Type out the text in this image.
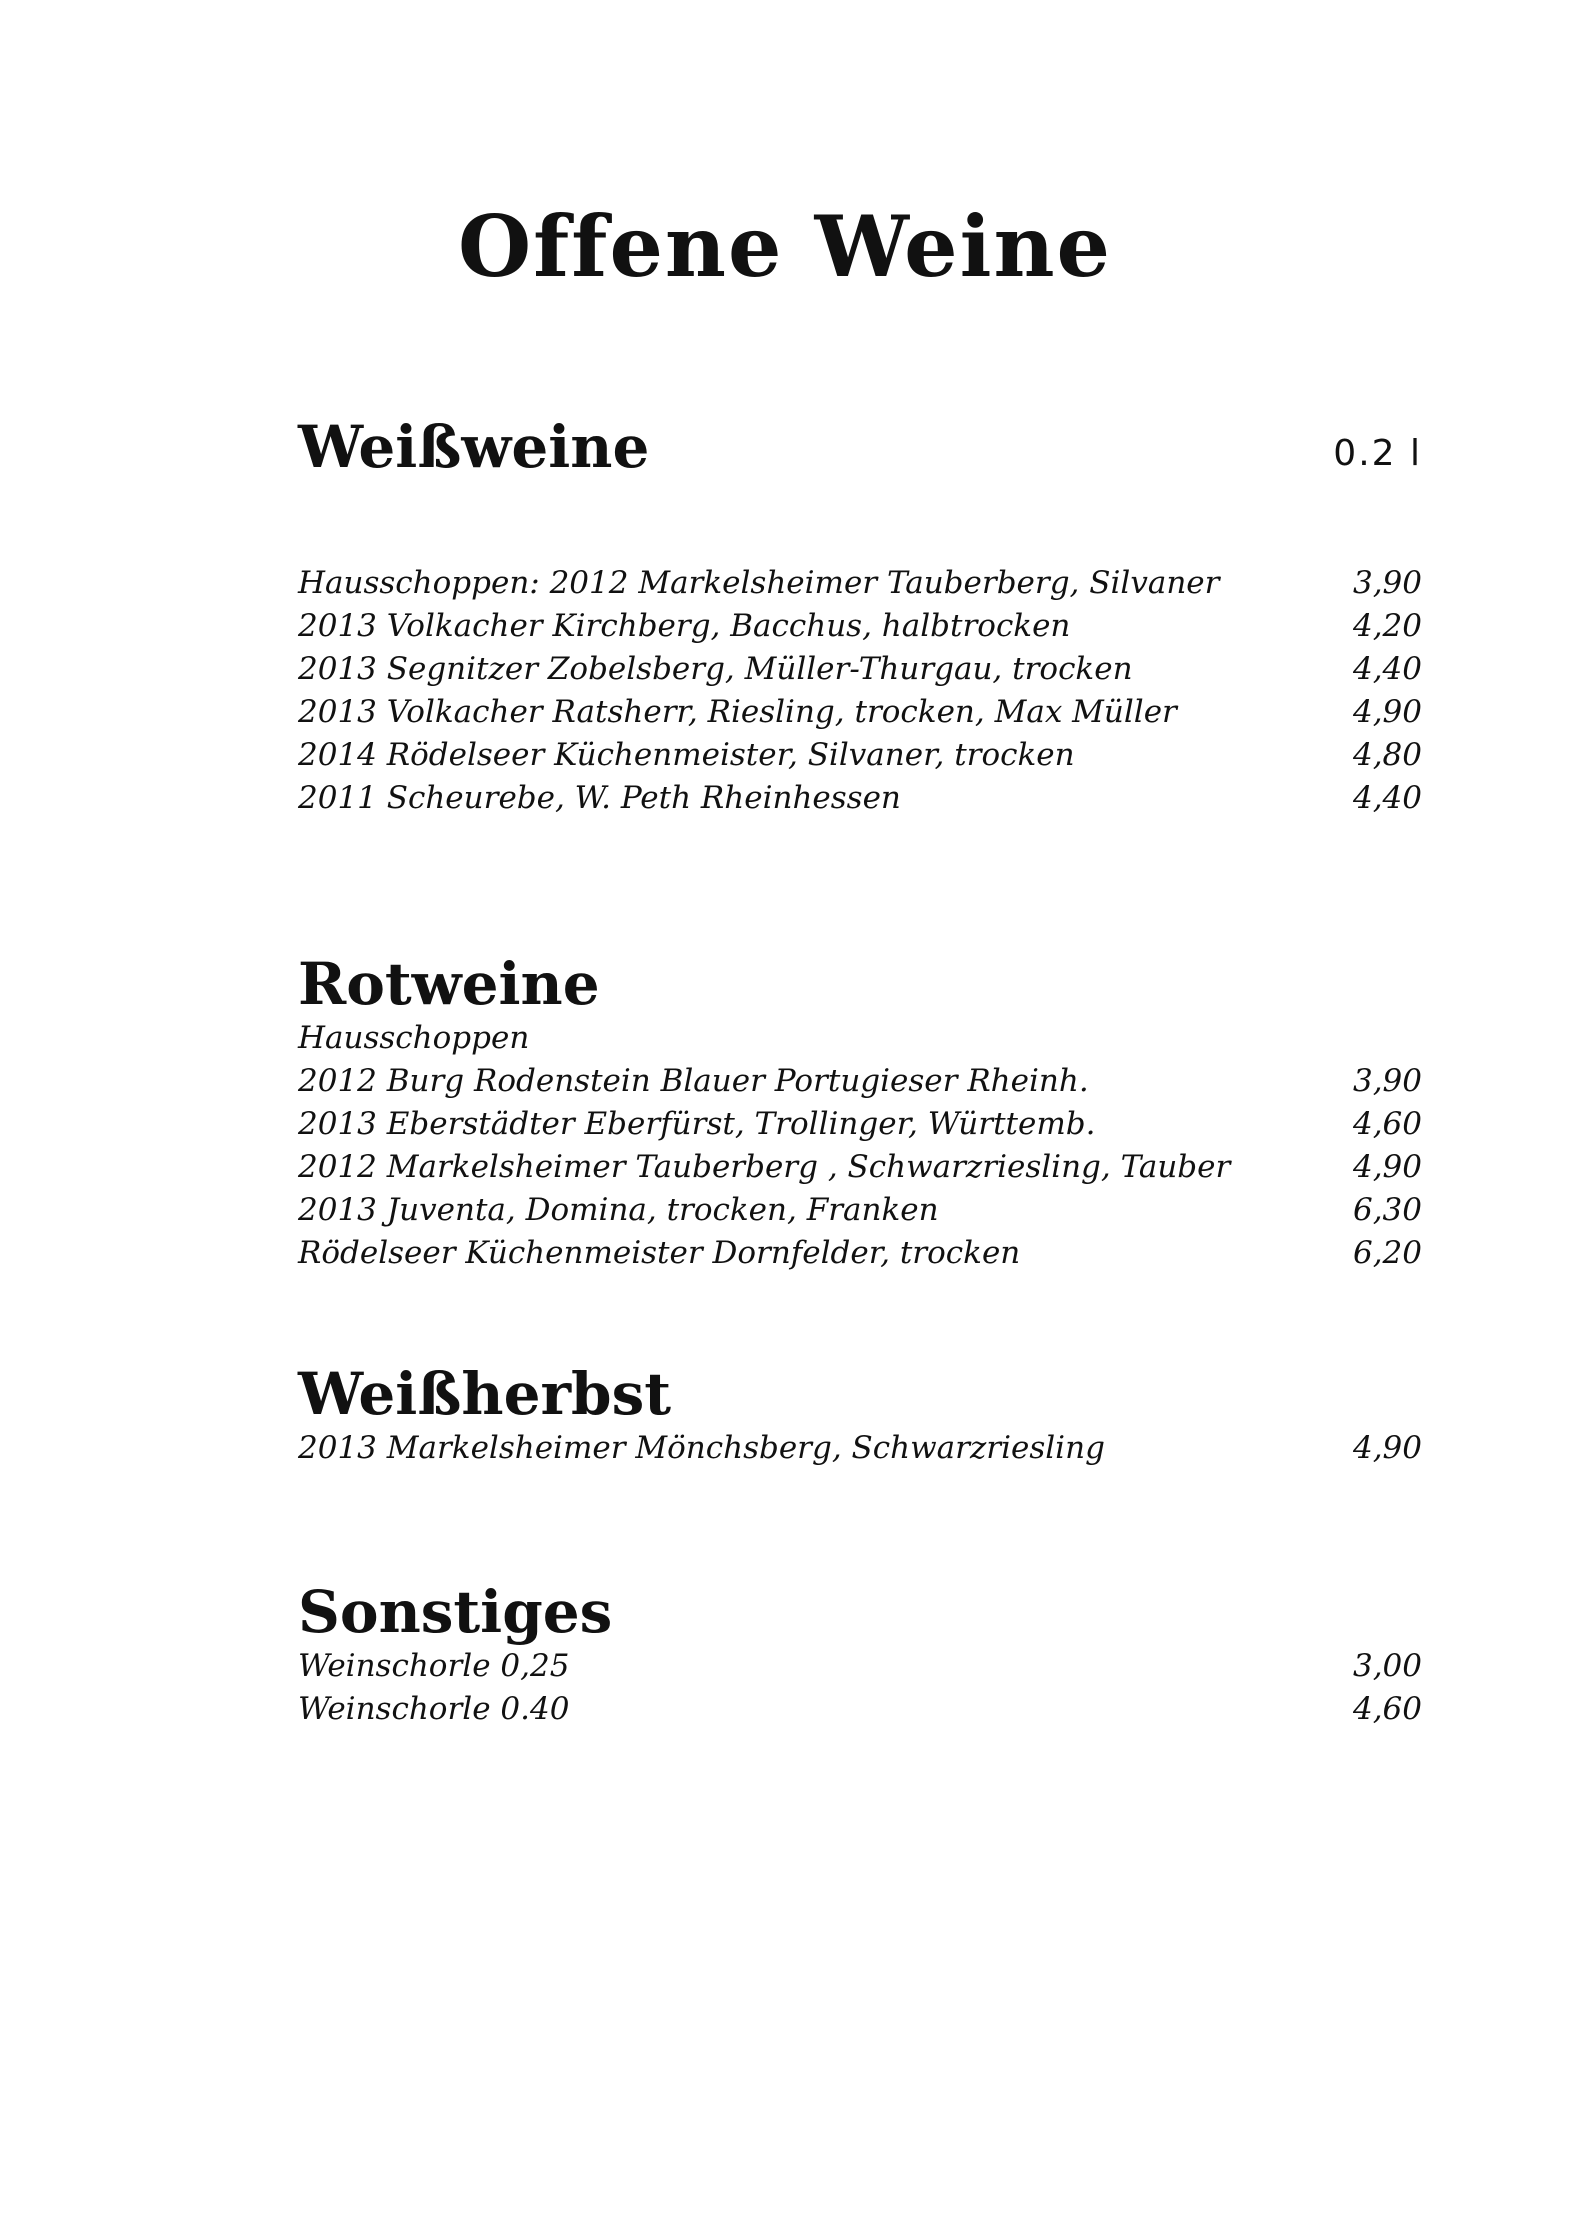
Offene Weine
Weißweine	0.2 l
Hausschoppen: 2012 Markelsheimer Tauberberg, Silvaner	3,90
2013 Volkacher Kirchberg, Bacchus, halbtrocken	4,20
2013 Segnitzer Zobelsberg, Müller-Thurgau, trocken	4,40
2013 Volkacher Ratsherr, Riesling, trocken, Max Müller	4,90
2014 Rödelseer Küchenmeister, Silvaner, trocken	4,80
2011 Scheurebe, W. Peth Rheinhessen	4,40
Rotweine
Hausschoppen
2012 Burg Rodenstein Blauer Portugieser Rheinh.	3,90
2013 Eberstädter Eberfürst, Trollinger, Württemb.	4,60
2012 Markelsheimer Tauberberg , Schwarzriesling, Tauber	4,90
2013 Juventa, Domina, trocken, Franken	6,30
Rödelseer Küchenmeister Dornfelder, trocken	6,20
Weißherbst
2013 Markelsheimer Mönchsberg, Schwarzriesling	4,90
Sonstiges
Weinschorle 0,25	3,00
Weinschorle 0.40	4,60
